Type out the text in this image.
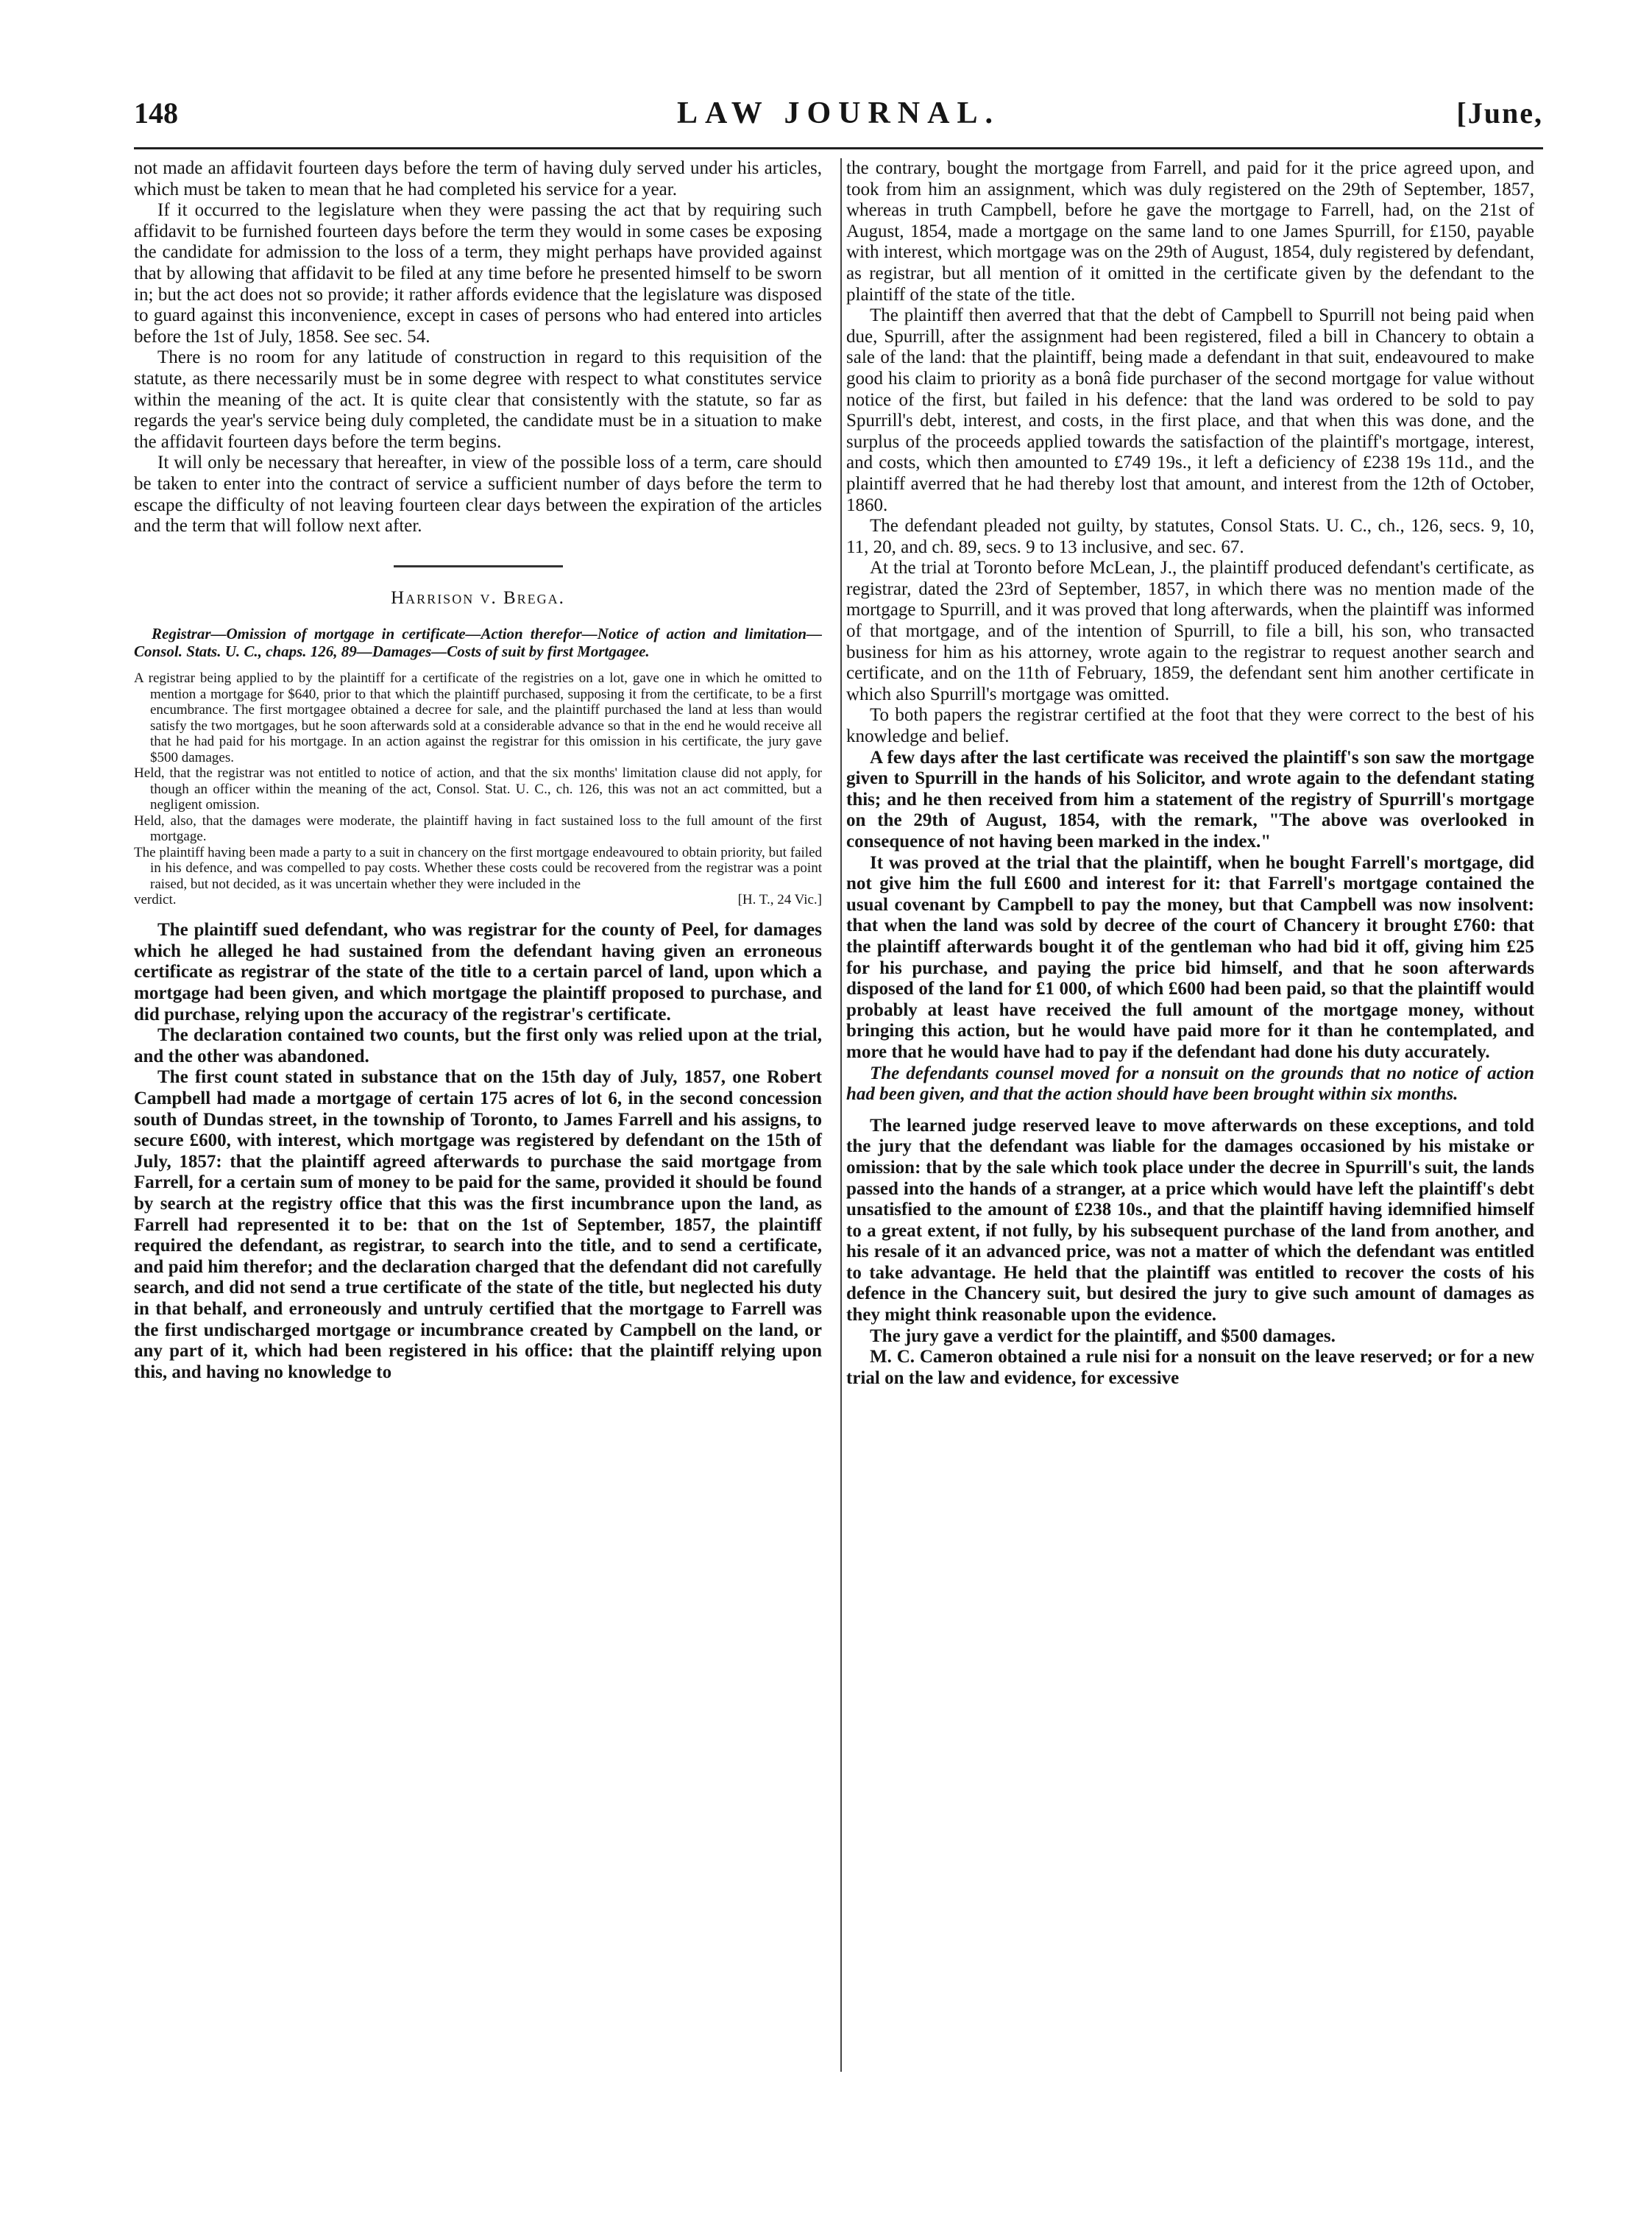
148	LAW JOURNAL.	[June,

not made an affidavit fourteen days before the term of having duly served under his articles, which must be taken to mean that he had completed his service for a year.

If it occurred to the legislature when they were passing the act that by requiring such affidavit to be furnished fourteen days before the term they would in some cases be exposing the candidate for admission to the loss of a term, they might perhaps have provided against that by allowing that affidavit to be filed at any time before he presented himself to be sworn in; but the act does not so provide; it rather affords evidence that the legislature was disposed to guard against this inconvenience, except in cases of persons who had entered into articles before the 1st of July, 1858. See sec. 54.

There is no room for any latitude of construction in regard to this requisition of the statute, as there necessarily must be in some degree with respect to what constitutes service within the meaning of the act. It is quite clear that consistently with the statute, so far as regards the year's service being duly completed, the candidate must be in a situation to make the affidavit fourteen days before the term begins.

It will only be necessary that hereafter, in view of the possible loss of a term, care should be taken to enter into the contract of service a sufficient number of days before the term to escape the difficulty of not leaving fourteen clear days between the expiration of the articles and the term that will follow next after.

Harrison v. Brega.

Registrar—Omission of mortgage in certificate—Action therefor—Notice of action and limitation—Consol. Stats. U. C., chaps. 126, 89—Damages—Costs of suit by first Mortgagee.

A registrar being applied to by the plaintiff for a certificate of the registries on a lot, gave one in which he omitted to mention a mortgage for $640, prior to that which the plaintiff purchased, supposing it from the certificate, to be a first encumbrance. The first mortgagee obtained a decree for sale, and the plaintiff purchased the land at less than would satisfy the two mortgages, but he soon afterwards sold at a considerable advance so that in the end he would receive all that he had paid for his mortgage. In an action against the registrar for this omission in his certificate, the jury gave $500 damages.

Held, that the registrar was not entitled to notice of action, and that the six months' limitation clause did not apply, for though an officer within the meaning of the act, Consol. Stat. U. C., ch. 126, this was not an act committed, but a negligent omission.

Held, also, that the damages were moderate, the plaintiff having in fact sustained loss to the full amount of the first mortgage.

The plaintiff having been made a party to a suit in chancery on the first mortgage endeavoured to obtain priority, but failed in his defence, and was compelled to pay costs. Whether these costs could be recovered from the registrar was a point raised, but not decided, as it was uncertain whether they were included in the

verdict.	[H. T., 24 Vic.]

The plaintiff sued defendant, who was registrar for the county of Peel, for damages which he alleged he had sustained from the defendant having given an erroneous certificate as registrar of the state of the title to a certain parcel of land, upon which a mortgage had been given, and which mortgage the plaintiff proposed to purchase, and did purchase, relying upon the accuracy of the registrar's certificate.

The declaration contained two counts, but the first only was relied upon at the trial, and the other was abandoned.

The first count stated in substance that on the 15th day of July, 1857, one Robert Campbell had made a mortgage of certain 175 acres of lot 6, in the second concession south of Dundas street, in the township of Toronto, to James Farrell and his assigns, to secure £600, with interest, which mortgage was registered by defendant on the 15th of July, 1857: that the plaintiff agreed afterwards to purchase the said mortgage from Farrell, for a certain sum of money to be paid for the same, provided it should be found by search at the registry office that this was the first incumbrance upon the land, as Farrell had represented it to be: that on the 1st of September, 1857, the plaintiff required the defendant, as registrar, to search into the title, and to send a certificate, and paid him therefor; and the declaration charged that the defendant did not carefully search, and did not send a true certificate of the state of the title, but neglected his duty in that behalf, and erroneously and untruly certified that the mortgage to Farrell was the first undischarged mortgage or incumbrance created by Campbell on the land, or any part of it, which had been registered in his office: that the plaintiff relying upon this, and having no knowledge to

the contrary, bought the mortgage from Farrell, and paid for it the price agreed upon, and took from him an assignment, which was duly registered on the 29th of September, 1857, whereas in truth Campbell, before he gave the mortgage to Farrell, had, on the 21st of August, 1854, made a mortgage on the same land to one James Spurrill, for £150, payable with interest, which mortgage was on the 29th of August, 1854, duly registered by defendant, as registrar, but all mention of it omitted in the certificate given by the defendant to the plaintiff of the state of the title.

The plaintiff then averred that that the debt of Campbell to Spurrill not being paid when due, Spurrill, after the assignment had been registered, filed a bill in Chancery to obtain a sale of the land: that the plaintiff, being made a defendant in that suit, endeavoured to make good his claim to priority as a bonâ fide purchaser of the second mortgage for value without notice of the first, but failed in his defence: that the land was ordered to be sold to pay Spurrill's debt, interest, and costs, in the first place, and that when this was done, and the surplus of the proceeds applied towards the satisfaction of the plaintiff's mortgage, interest, and costs, which then amounted to £749 19s., it left a deficiency of £238 19s 11d., and the plaintiff averred that he had thereby lost that amount, and interest from the 12th of October, 1860.

The defendant pleaded not guilty, by statutes, Consol Stats. U. C., ch., 126, secs. 9, 10, 11, 20, and ch. 89, secs. 9 to 13 inclusive, and sec. 67.

At the trial at Toronto before McLean, J., the plaintiff produced defendant's certificate, as registrar, dated the 23rd of September, 1857, in which there was no mention made of the mortgage to Spurrill, and it was proved that long afterwards, when the plaintiff was informed of that mortgage, and of the intention of Spurrill, to file a bill, his son, who transacted business for him as his attorney, wrote again to the registrar to request another search and certificate, and on the 11th of February, 1859, the defendant sent him another certificate in which also Spurrill's mortgage was omitted.

To both papers the registrar certified at the foot that they were correct to the best of his knowledge and belief.

A few days after the last certificate was received the plaintiff's son saw the mortgage given to Spurrill in the hands of his Solicitor, and wrote again to the defendant stating this; and he then received from him a statement of the registry of Spurrill's mortgage on the 29th of August, 1854, with the remark, "The above was overlooked in consequence of not having been marked in the index."

It was proved at the trial that the plaintiff, when he bought Farrell's mortgage, did not give him the full £600 and interest for it: that Farrell's mortgage contained the usual covenant by Campbell to pay the money, but that Campbell was now insolvent: that when the land was sold by decree of the court of Chancery it brought £760: that the plaintiff afterwards bought it of the gentleman who had bid it off, giving him £25 for his purchase, and paying the price bid himself, and that he soon afterwards disposed of the land for £1 000, of which £600 had been paid, so that the plaintiff would probably at least have received the full amount of the mortgage money, without bringing this action, but he would have paid more for it than he contemplated, and more that he would have had to pay if the defendant had done his duty accurately.

The defendants counsel moved for a nonsuit on the grounds that no notice of action had been given, and that the action should have been brought within six months.

The learned judge reserved leave to move afterwards on these exceptions, and told the jury that the defendant was liable for the damages occasioned by his mistake or omission: that by the sale which took place under the decree in Spurrill's suit, the lands passed into the hands of a stranger, at a price which would have left the plaintiff's debt unsatisfied to the amount of £238 10s., and that the plaintiff having idemnified himself to a great extent, if not fully, by his subsequent purchase of the land from another, and his resale of it an advanced price, was not a matter of which the defendant was entitled to take advantage. He held that the plaintiff was entitled to recover the costs of his defence in the Chancery suit, but desired the jury to give such amount of damages as they might think reasonable upon the evidence.

The jury gave a verdict for the plaintiff, and $500 damages.

M. C. Cameron obtained a rule nisi for a nonsuit on the leave reserved; or for a new trial on the law and evidence, for excessive
